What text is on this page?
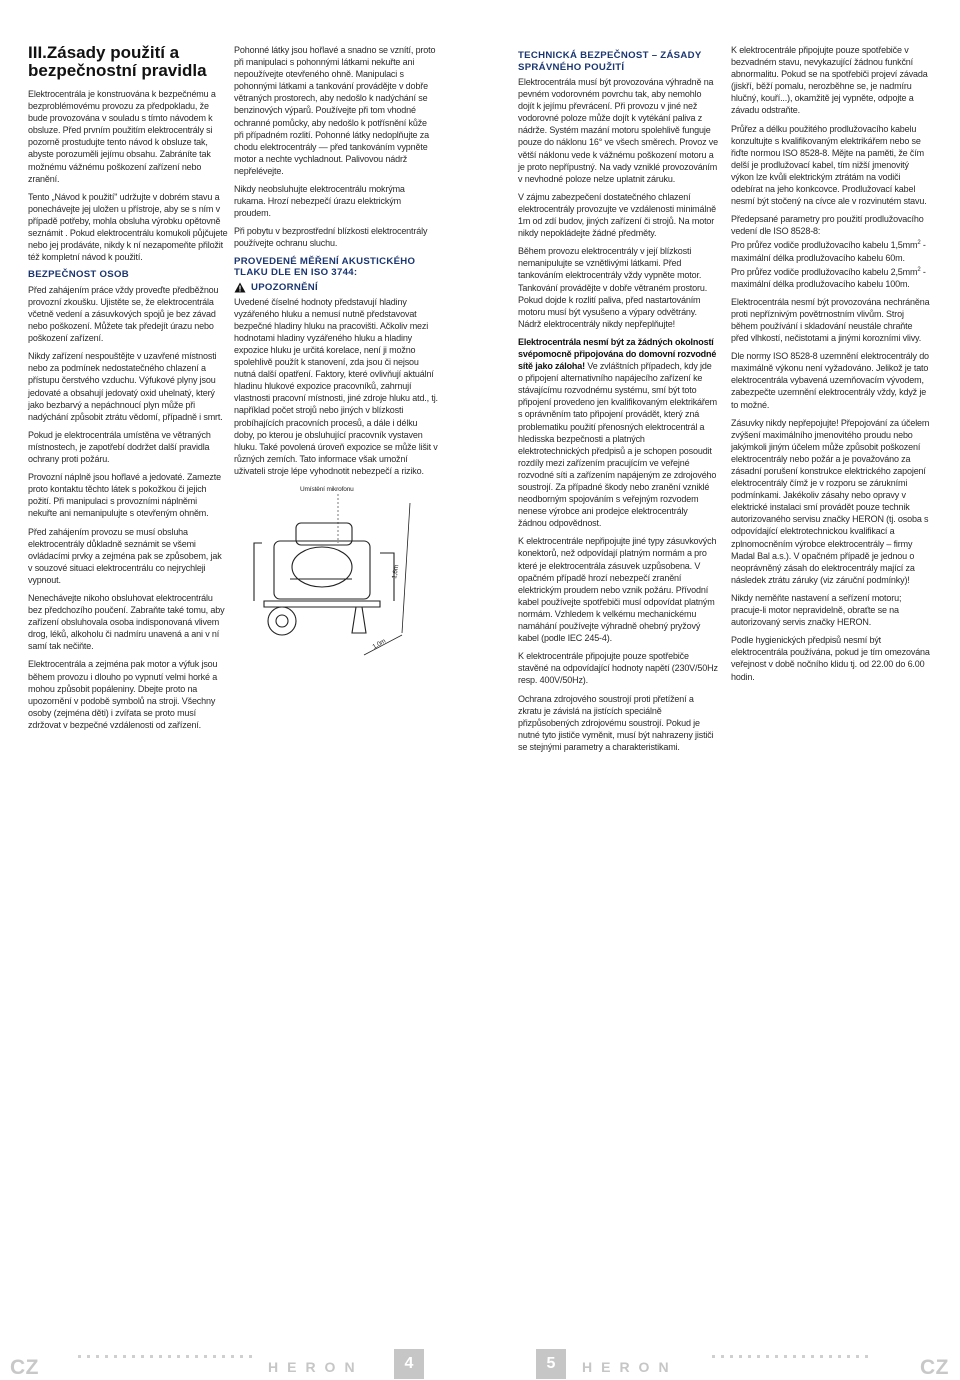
III.Zásady použití a bezpečnostní pravidla

Elektrocentrála je konstruována k bezpečnému a bezproblémovému provozu za předpokladu, že bude provozována v souladu s tímto návodem k obsluze. Před prvním použitím elektrocentrály si pozorně prostudujte tento návod k obsluze tak, abyste porozuměli jejímu obsahu. Zabráníte tak možnému vážnému poškození zařízení nebo zranění.

Tento „Návod k použití" udržujte v dobrém stavu a ponechávejte jej uložen u přístroje, aby se s ním v případě potřeby, mohla obsluha výrobku opětovně seznámit . Pokud elektrocentrálu komukoli půjčujete nebo jej prodáváte, nikdy k ní nezapomeňte přiložit též kompletní návod k použití.

BEZPEČNOST OSOB

Před zahájením práce vždy proveďte předběžnou provozní zkoušku. Ujistěte se, že elektrocentrála včetně vedení a zásuvkových spojů je bez závad nebo poškození. Můžete tak předejít úrazu nebo poškození zařízení.

Nikdy zařízení nespouštějte v uzavřené místnosti nebo za podmínek nedostatečného chlazení a přístupu čerstvého vzduchu. Výfukové plyny jsou jedovaté a obsahují jedovatý oxid uhelnatý, který jako bezbarvý a nepáchnoucí plyn může při nadýchání způsobit ztrátu vědomí, případně i smrt.

Pokud je elektrocentrála umístěna ve větraných místnostech, je zapotřebí dodržet další pravidla ochrany proti požáru.

Provozní náplně jsou hořlavé a jedovaté. Zamezte proto kontaktu těchto látek s pokožkou či jejich požití. Při manipulaci s provozními náplněmi nekuřte ani nemanipulujte s otevřeným ohněm.

Před zahájením provozu se musí obsluha elektrocentrály důkladně seznámit se všemi ovládacími prvky a zejména pak se způsobem, jak v souzové situaci elektrocentrálu co nejrychleji vypnout.

Nenechávejte nikoho obsluhovat elektrocentrálu bez předchozího poučení. Zabraňte také tomu, aby zařízení obsluhovala osoba indisponovaná vlivem drog, léků, alkoholu či nadmíru unavená a ani v ní samí tak nečiňte.

Elektrocentrála a zejména pak motor a výfuk jsou během provozu i dlouho po vypnutí velmi horké a mohou způsobit popáleniny. Dbejte proto na upozornění v podobě symbolů na stroji. Všechny osoby (zejména děti) i zvířata se proto musí zdržovat v bezpečné vzdálenosti od zařízení.

Pohonné látky jsou hořlavé a snadno se vznítí, proto při manipulaci s pohonnými látkami nekuřte ani nepoužívejte otevřeného ohně. Manipulaci s pohonnými látkami a tankování provádějte v dobře větraných prostorech, aby nedošlo k nadýchání se benzinových výparů. Používejte při tom vhodné ochranné pomůcky, aby nedošlo k potřísnění kůže při případném rozlití. Pohonné látky nedoplňujte za chodu elektrocentrály — před tankováním vypněte motor a nechte vychladnout. Palivovou nádrž nepřelévejte.

Nikdy neobsluhujte elektrocentrálu mokrýma rukama. Hrozí nebezpečí úrazu elektrickým proudem.

Při pobytu v bezprostřední blízkosti elektrocentrály používejte ochranu sluchu.

PROVEDENÉ MĚŘENÍ AKUSTICKÉHO TLAKU DLE EN ISO 3744:
UPOZORNĚNÍ

Uvedené číselné hodnoty představují hladiny vyzářeného hluku a nemusí nutně představovat bezpečné hladiny hluku na pracovišti. Ačkoliv mezi hodnotami hladiny vyzářeného hluku a hladiny expozice hluku je určitá korelace, není ji možno spolehlivě použít k stanovení, zda jsou či nejsou nutná další opatření. Faktory, které ovlivňují aktuální hladinu hlukové expozice pracovníků, zahrnují vlastnosti pracovní místnosti, jiné zdroje hluku atd., tj. například počet strojů nebo jiných v blízkosti probíhajících pracovních procesů, a dále i délku doby, po kterou je obsluhující pracovník vystaven hluku. Také povolená úroveň expozice se může lišit v různých zemích. Tato informace však umožní uživateli stroje lépe vyhodnotit nebezpečí a riziko.

Umístění mikrofonu
1,6m
1,0m
TECHNICKÁ BEZPEČNOST – ZÁSADY SPRÁVNÉHO POUŽITÍ

Elektrocentrála musí být provozována výhradně na pevném vodorovném povrchu tak, aby nemohlo dojít k jejímu převrácení. Při provozu v jiné než vodorovné poloze může dojít k vytékání paliva z nádrže. Systém mazání motoru spolehlivě funguje pouze do náklonu 16° ve všech směrech. Provoz ve větší náklonu vede k vážnému poškození motoru a je proto nepřípustný. Na vady vzniklé provozováním v nevhodné poloze nelze uplatnit záruku.

V zájmu zabezpečení dostatečného chlazení elektrocentrály provozujte ve vzdálenosti minimálně 1m od zdí budov, jiných zařízení či strojů. Na motor nikdy nepokládejte žádné předměty.

Během provozu elektrocentrály v její blízkosti nemanipulujte se vznětlivými látkami. Před tankováním elektrocentrály vždy vypněte motor. Tankování provádějte v dobře větraném prostoru. Pokud dojde k rozlití paliva, před nastartováním motoru musí být vysušeno a výpary odvětrány. Nádrž elektrocentrály nikdy nepřeplňujte!

Elektrocentrála nesmí být za žádných okolností svépomocně připojována do domovní rozvodné sítě jako záloha! Ve zvláštních případech, kdy jde o připojení alternativního napájecího zařízení ke stávajícímu rozvodnému systému, smí být toto připojení provedeno jen kvalifikovaným elektrikářem s oprávněním tato připojení provádět, který zná problematiku použití přenosných elektrocentrál a hledisska bezpečnosti a platných elektrotechnických předpisů a je schopen posoudit rozdíly mezi zařízením pracujícím ve veřejné rozvodné síti a zařízením napájeným ze zdrojového soustrojí. Za případné škody nebo zranění vzniklé neodborným spojováním s veřejným rozvodem nenese výrobce ani prodejce elektrocentrály žádnou odpovědnost.

K elektrocentrále nepřipojujte jiné typy zásuvkových konektorů, než odpovídají platným normám a pro které je elektrocentrála zásuvek uzpůsobena. V opačném případě hrozí nebezpečí zranění elektrickým proudem nebo vznik požáru. Přívodní kabel používejte spotřebiči musí odpovídat platným normám. Vzhledem k velkému mechanickému namáhání používejte výhradně ohebný pryžový kabel (podle IEC 245-4).

K elektrocentrále připojujte pouze spotřebiče stavěné na odpovídající hodnoty napětí (230V/50Hz resp. 400V/50Hz).

Ochrana zdrojového soustrojí proti přetížení a zkratu je závislá na jistících speciálně přizpůsobených zdrojovému soustrojí. Pokud je nutné tyto jističe vyměnit, musí být nahrazeny jističi se stejnými parametry a charakteristikami.

K elektrocentrále připojujte pouze spotřebiče v bezvadném stavu, nevykazující žádnou funkční abnormalitu. Pokud se na spotřebiči projeví závada (jiskří, běží pomalu, nerozběhne se, je nadmíru hlučný, kouří...), okamžitě jej vypněte, odpojte a závadu odstraňte.

Průřez a délku použitého prodlužovacího kabelu konzultujte s kvalifikovaným elektrikářem nebo se řiďte normou ISO 8528-8. Mějte na paměti, že čím delší je prodlužovací kabel, tím nižší jmenovitý výkon lze kvůli elektrickým ztrátám na vodiči odebírat na jeho konkcovce. Prodlužovací kabel nesmí být stočený na cívce ale v rozvinutém stavu.

Předepsané parametry pro použití prodlužovacího vedení dle ISO 8528-8:

Pro průřez vodiče prodlužovacího kabelu $1,5mm^2$ - maximální délka prodlužovacího kabelu 60m.

Pro průřez vodiče prodlužovacího kabelu $2,5mm^2$ - maximální délka prodlužovacího kabelu 100m.

Elektrocentrála nesmí být provozována nechráněna proti nepříznivým povětrnostním vlivům. Stroj během používání i skladování neustále chraňte před vlhkostí, nečistotami a jinými korozními vlivy.

Dle normy ISO 8528-8 uzemnění elektrocentrály do maximálně výkonu není vyžadováno. Jelikož je tato elektrocentrála vybavená uzemňovacím vývodem, zabezpečte uzemnění elektrocentrály vždy, když je to možné.

Zásuvky nikdy nepřepojujte! Přepojování za účelem zvýšení maximálního jmenovitého proudu nebo jakýmkoli jiným účelem může způsobit poškození elektrocentrály nebo požár a je považováno za zásadní porušení konstrukce elektrického zapojení elektrocentrály čímž je v rozporu se zárukními podmínkami. Jakékoliv zásahy nebo opravy v elektrické instalaci smí provádět pouze technik autorizovaného servisu značky HERON (tj. osoba s odpovídající elektrotechnickou kvalifikací a zplnomocněním výrobce elektrocentrály – firmy Madal Bal a.s.). V opačném případě je jednou o neoprávněný zásah do elektrocentrály mající za následek ztrátu záruky (viz záruční podmínky)!

Nikdy neměňte nastavení a seřízení motoru; pracuje-li motor nepravidelně, obraťte se na autorizovaný servis značky HERON.

Podle hygienických předpisů nesmí být elektrocentrála používána, pokud je tím omezována veřejnost v době nočního klidu tj. od 22.00 do 6.00 hodin.

CZ	HERON	4	5	HERON	CZ
